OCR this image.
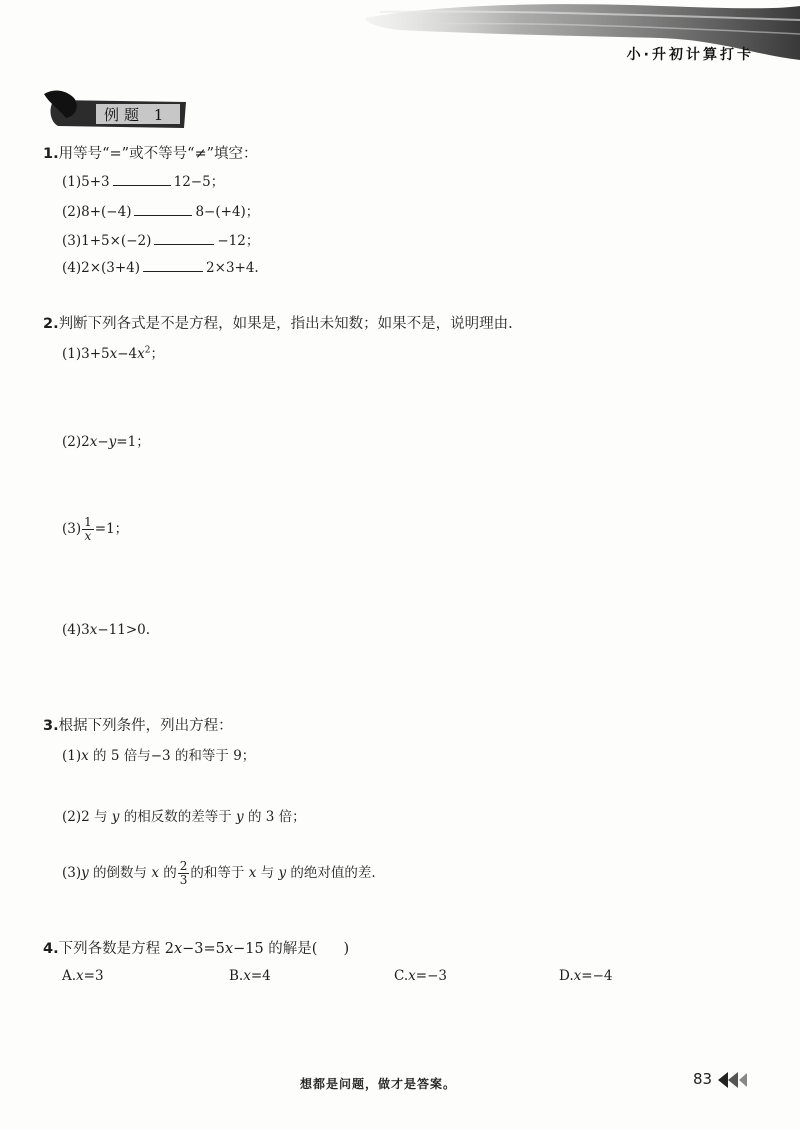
小·升初计算打卡
例题 1
1.用等号“=”或不等号“≠”填空：
(1)5+3	12−5；
(2)8+(−4)	8−(+4)；
(3)1+5×(−2)	−12；
(4)2×(3+4)	2×3+4.
2.判断下列各式是不是方程，如果是，指出未知数；如果不是，说明理由.
$(1)3+5x-4x^2$；
(2)2x−y=1；
$(3) \frac{1}{x} =1$；
(4)3x−11>0.
3.根据下列条件，列出方程：
(1)x 的 5 倍与−3 的和等于 9；
(2)2 与 y 的相反数的差等于 y 的 3 倍；
(3)y 的倒数与 x 的 $\frac{2}{3}$ 的和等于 x 与 y 的绝对值的差.
4.下列各数是方程 2x−3=5x−15 的解是( )
A.x=3	B.x=4	C.x=−3	D.x=−4
想都是问题，做才是答案。	83
